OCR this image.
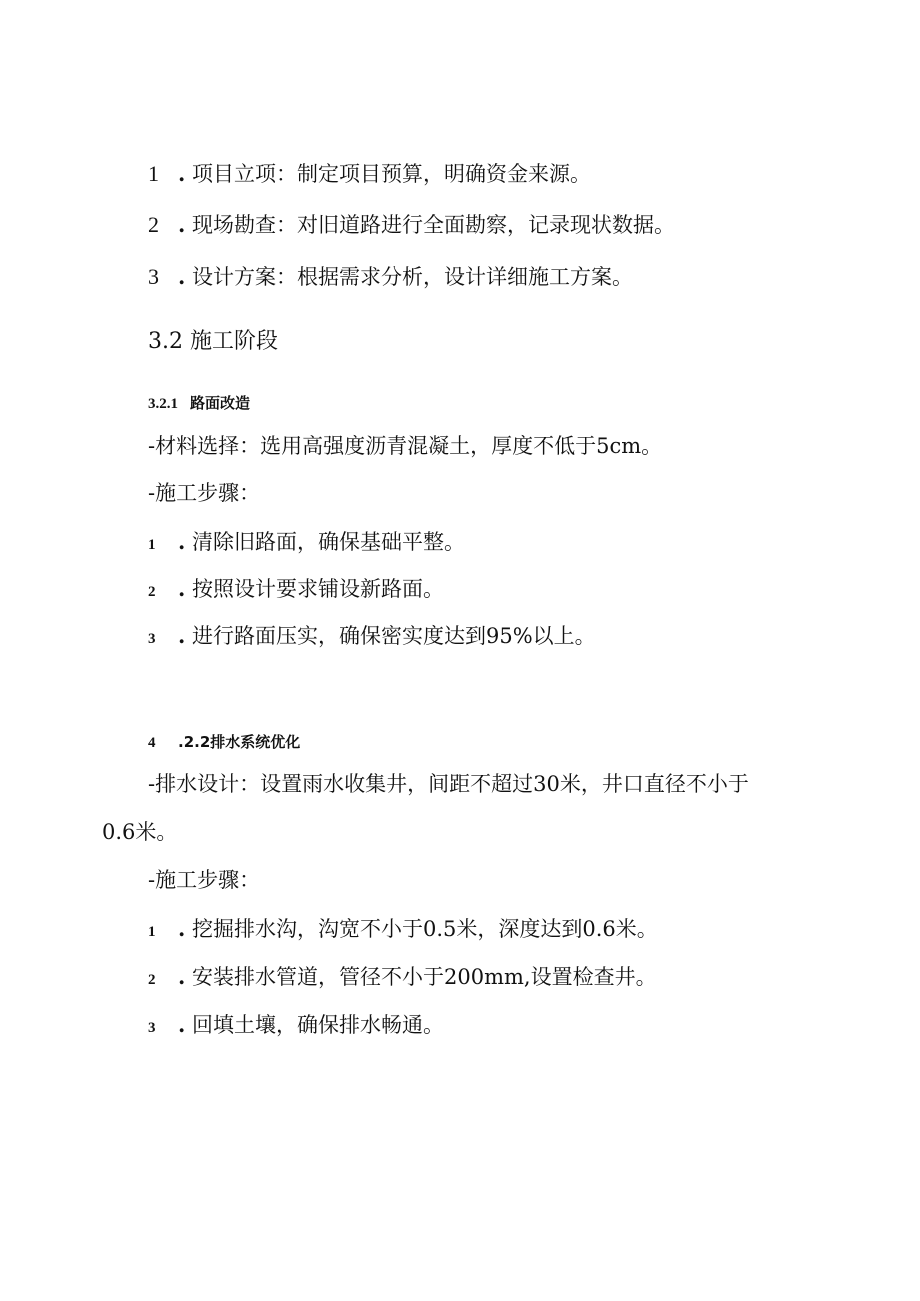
1 . 项目立项：制定项目预算，明确资金来源。
2 . 现场勘查：对旧道路进行全面勘察，记录现状数据。
3 . 设计方案：根据需求分析，设计详细施工方案。
3.2 施工阶段
3.2.1 路面改造
-材料选择：选用高强度沥青混凝土，厚度不低于5cm。
-施工步骤：
1 . 清除旧路面，确保基础平整。
2 . 按照设计要求铺设新路面。
3 . 进行路面压实，确保密实度达到95%以上。
4 .2.2排水系统优化
-排水设计：设置雨水收集井，间距不超过30米，井口直径不小于
0.6米。
-施工步骤：
1 . 挖掘排水沟，沟宽不小于0.5米，深度达到0.6米。
2 . 安装排水管道，管径不小于200mm,设置检查井。
3 . 回填土壤，确保排水畅通。
